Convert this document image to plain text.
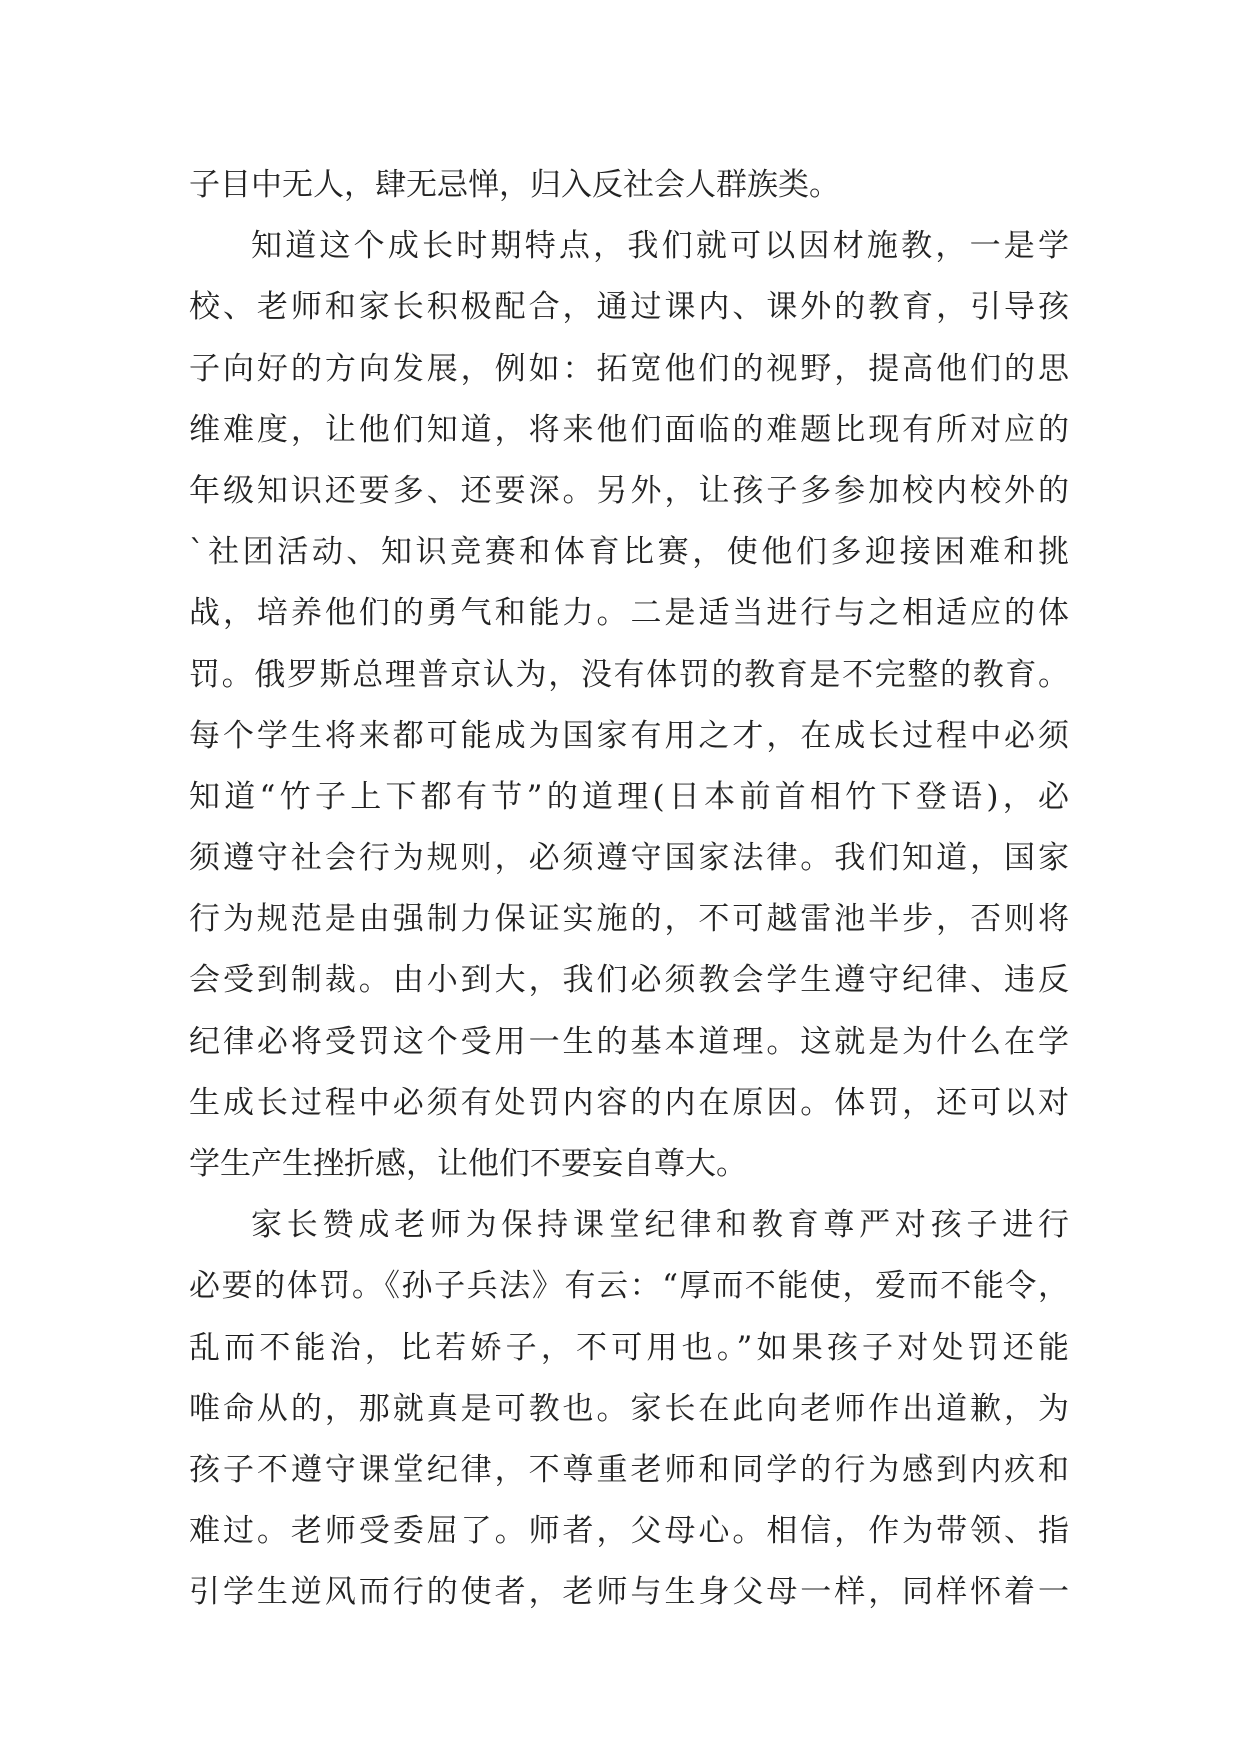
子目中无人，肆无忌惮，归入反社会人群族类。
知道这个成长时期特点，我们就可以因材施教，一是学
校、老师和家长积极配合，通过课内、课外的教育，引导孩
子向好的方向发展，例如：拓宽他们的视野，提高他们的思
维难度，让他们知道，将来他们面临的难题比现有所对应的
年级知识还要多、还要深。另外，让孩子多参加校内校外的
`社团活动、知识竞赛和体育比赛，使他们多迎接困难和挑
战，培养他们的勇气和能力。二是适当进行与之相适应的体
罚。俄罗斯总理普京认为，没有体罚的教育是不完整的教育。
每个学生将来都可能成为国家有用之才，在成长过程中必须
知道“竹子上下都有节”的道理(日本前首相竹下登语)，必
须遵守社会行为规则，必须遵守国家法律。我们知道，国家
行为规范是由强制力保证实施的，不可越雷池半步，否则将
会受到制裁。由小到大，我们必须教会学生遵守纪律、违反
纪律必将受罚这个受用一生的基本道理。这就是为什么在学
生成长过程中必须有处罚内容的内在原因。体罚，还可以对
学生产生挫折感，让他们不要妄自尊大。
家长赞成老师为保持课堂纪律和教育尊严对孩子进行
必要的体罚。《孙子兵法》有云：“厚而不能使，爱而不能令，
乱而不能治，比若娇子，不可用也。”如果孩子对处罚还能
唯命从的，那就真是可教也。家长在此向老师作出道歉，为
孩子不遵守课堂纪律，不尊重老师和同学的行为感到内疚和
难过。老师受委屈了。师者，父母心。相信，作为带领、指
引学生逆风而行的使者，老师与生身父母一样，同样怀着一
